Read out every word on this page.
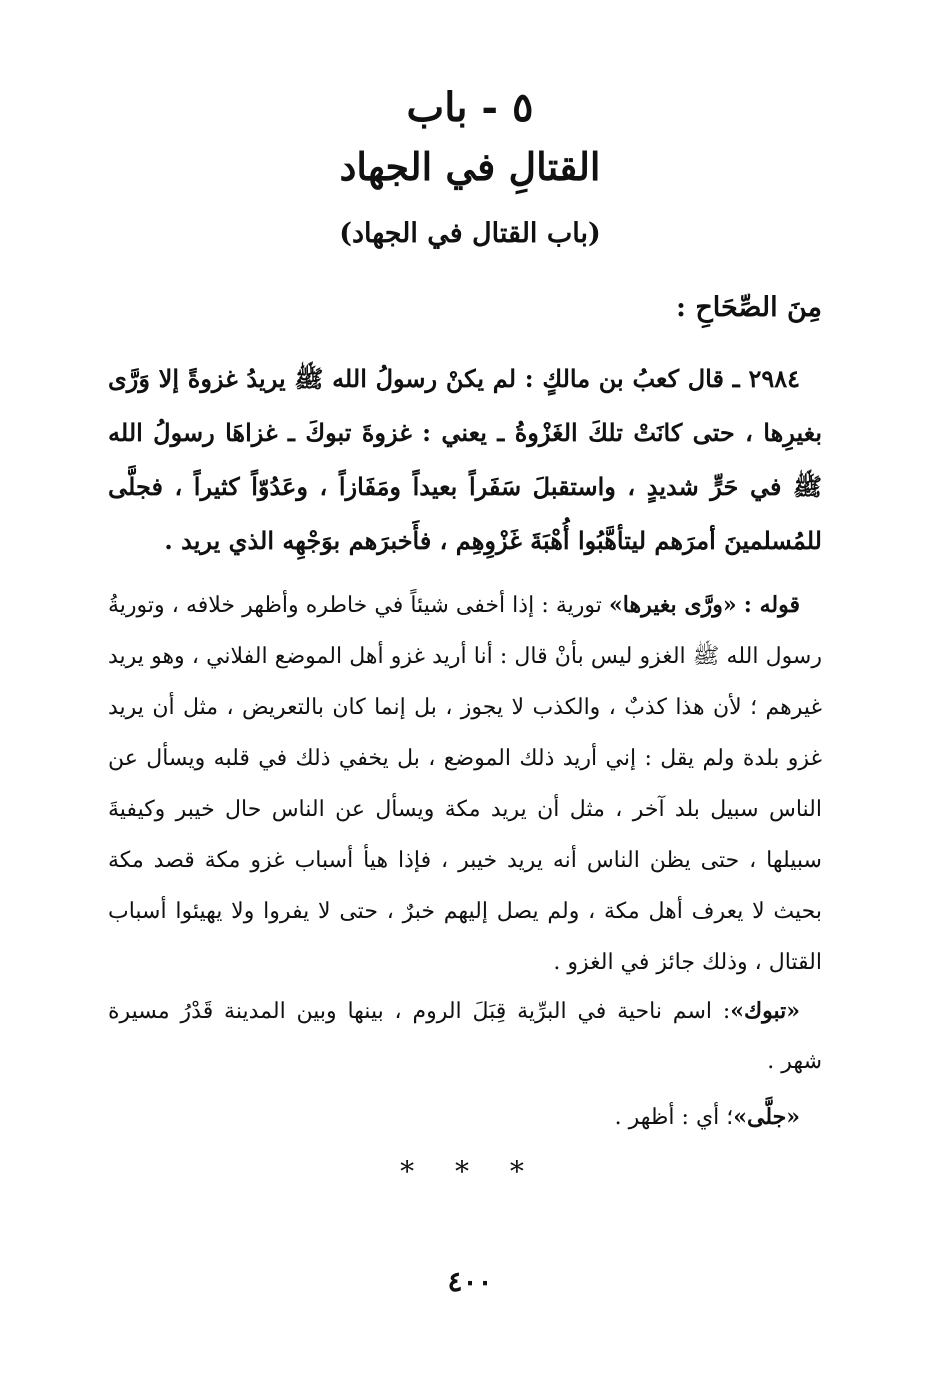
٥ - باب
القتالِ في الجهاد
(باب القتال في الجهاد)
مِنَ الصِّحَاحِ :
٢٩٨٤ ـ قال كعبُ بن مالكٍ : لم يكنْ رسولُ الله ﷺ يريدُ غزوةً إلا وَرَّى بغيرِها ، حتى كانَتْ تلكَ الغَزْوةُ ـ يعني : غزوةَ تبوكَ ـ غزاهَا رسولُ الله ﷺ في حَرٍّ شديدٍ ، واستقبلَ سَفَراً بعيداً ومَفَازاً ، وعَدُوّاً كثيراً ، فجلَّى للمُسلمينَ أمرَهم ليتأهَّبُوا أُهْبَةَ غَزْوِهِم ، فأَخبرَهم بوَجْهِه الذي يريد .
قوله : «ورَّى بغيرها» تورية : إذا أخفى شيئاً في خاطره وأظهر خلافه ، وتوريةُ رسول الله ﷺ الغزو ليس بأنْ قال : أنا أريد غزو أهل الموضع الفلاني ، وهو يريد غيرهم ؛ لأن هذا كذبٌ ، والكذب لا يجوز ، بل إنما كان بالتعريض ، مثل أن يريد غزو بلدة ولم يقل : إني أريد ذلك الموضع ، بل يخفي ذلك في قلبه ويسأل عن الناس سبيل بلد آخر ، مثل أن يريد مكة ويسأل عن الناس حال خيبر وكيفيةَ سبيلها ، حتى يظن الناس أنه يريد خيبر ، فإذا هيأ أسباب غزو مكة قصد مكة بحيث لا يعرف أهل مكة ، ولم يصل إليهم خبرٌ ، حتى لا يفروا ولا يهيئوا أسباب القتال ، وذلك جائز في الغزو .
«تبوك»: اسم ناحية في البرِّية قِبَلَ الروم ، بينها وبين المدينة قَدْرُ مسيرة شهر .
«جلَّى»؛ أي : أظهر .
* * *
٤٠٠
